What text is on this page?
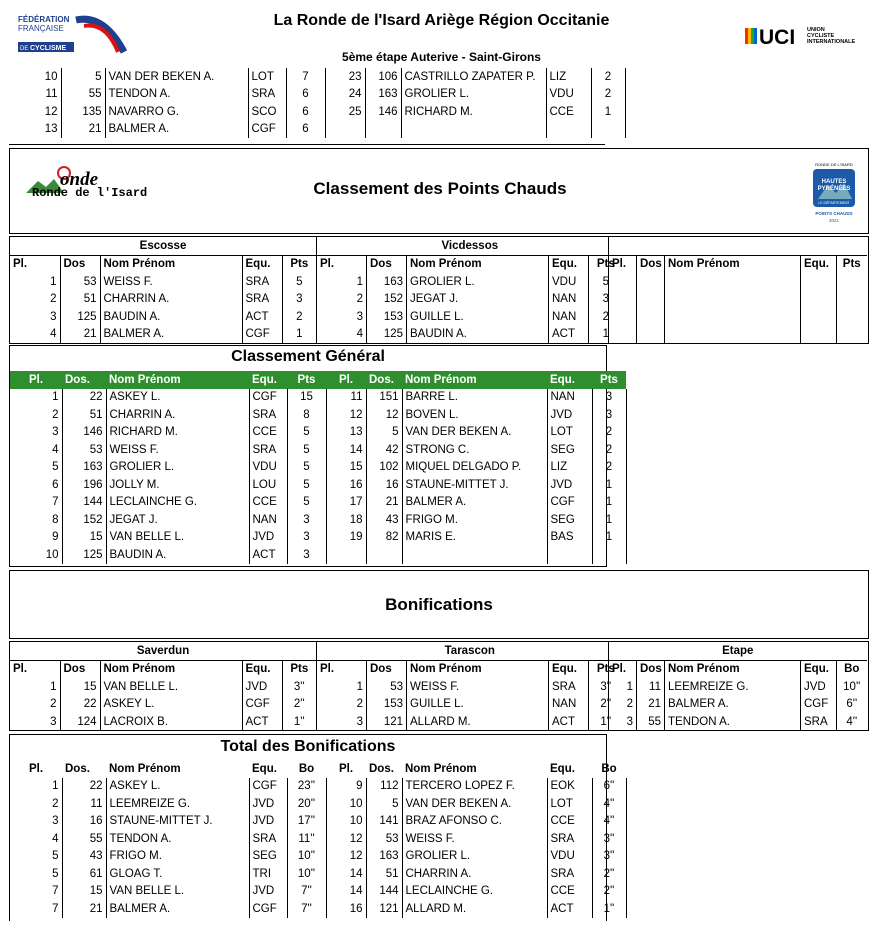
FÉDÉRATION
FRANÇAISE
DE CYCLISME
La Ronde de l'Isard Ariège Région Occitanie
5ème étape Auterive - Saint-Girons
UCI UNION
CYCLISTE
INTERNATIONALE
10	5	VAN DER BEKEN A.	LOT	7	23	106	CASTRILLO ZAPATER P.	LIZ	2
11	55	TENDON A.	SRA	6	24	163	GROLIER L.	VDU	2
12	135	NAVARRO G.	SCO	6	25	146	RICHARD M.	CCE	1
13	21	BALMER A.	CGF	6					
onde
Ronde de l'Isard	Classement des Points Chauds
RONDE DE L'ISARD
HAUTES
PYRÉNÉES
LE DÉPARTEMENT
POINTS CHAUDS
2021
Escosse				
Pl.	Dos	Nom Prénom	Equ.	Pts
1	53	WEISS F.	SRA	5
2	51	CHARRIN A.	SRA	3
3	125	BAUDIN A.	ACT	2
4	21	BALMER A.	CGF	1
Vicdessos				
Pl.	Dos	Nom Prénom	Equ.	Pts
1	163	GROLIER L.	VDU	5
2	152	JEGAT J.	NAN	3
3	153	GUILLE L.	NAN	2
4	125	BAUDIN A.	ACT	1

Pl.	Dos	Nom Prénom	Equ.	Pts

Classement Général
Pl.	Dos.	Nom Prénom	Equ.	Pts	Pl.	Dos.	Nom Prénom	Equ.	Pts
1	22	ASKEY L.	CGF	15	11	151	BARRE L.	NAN	3
2	51	CHARRIN A.	SRA	8	12	12	BOVEN L.	JVD	3
3	146	RICHARD M.	CCE	5	13	5	VAN DER BEKEN A.	LOT	2
4	53	WEISS F.	SRA	5	14	42	STRONG C.	SEG	2
5	163	GROLIER L.	VDU	5	15	102	MIQUEL DELGADO P.	LIZ	2
6	196	JOLLY M.	LOU	5	16	16	STAUNE-MITTET J.	JVD	1
7	144	LECLAINCHE G.	CCE	5	17	21	BALMER A.	CGF	1
8	152	JEGAT J.	NAN	3	18	43	FRIGO M.	SEG	1
9	15	VAN BELLE L.	JVD	3	19	82	MARIS E.	BAS	1
10	125	BAUDIN A.	ACT	3					
Bonifications
Saverdun				
Pl.	Dos	Nom Prénom	Equ.	Pts
1	15	VAN BELLE L.	JVD	3''
2	22	ASKEY L.	CGF	2''
3	124	LACROIX B.	ACT	1''
Tarascon				
Pl.	Dos	Nom Prénom	Equ.	Pts
1	53	WEISS F.	SRA	3''
2	153	GUILLE L.	NAN	2''
3	121	ALLARD M.	ACT	1''
Etape				
Pl.	Dos	Nom Prénom	Equ.	Bo
1	11	LEEMREIZE G.	JVD	10''
2	21	BALMER A.	CGF	6''
3	55	TENDON A.	SRA	4''
Total des Bonifications
Pl.	Dos.	Nom Prénom	Equ.	Bo	Pl.	Dos.	Nom Prénom	Equ.	Bo
1	22	ASKEY L.	CGF	23''	9	112	TERCERO LOPEZ F.	EOK	6''
2	11	LEEMREIZE G.	JVD	20''	10	5	VAN DER BEKEN A.	LOT	4''
3	16	STAUNE-MITTET J.	JVD	17''	10	141	BRAZ AFONSO C.	CCE	4''
4	55	TENDON A.	SRA	11''	12	53	WEISS F.	SRA	3''
5	43	FRIGO M.	SEG	10''	12	163	GROLIER L.	VDU	3''
5	61	GLOAG T.	TRI	10''	14	51	CHARRIN A.	SRA	2''
7	15	VAN BELLE L.	JVD	7''	14	144	LECLAINCHE G.	CCE	2''
7	21	BALMER A.	CGF	7''	16	121	ALLARD M.	ACT	1''
